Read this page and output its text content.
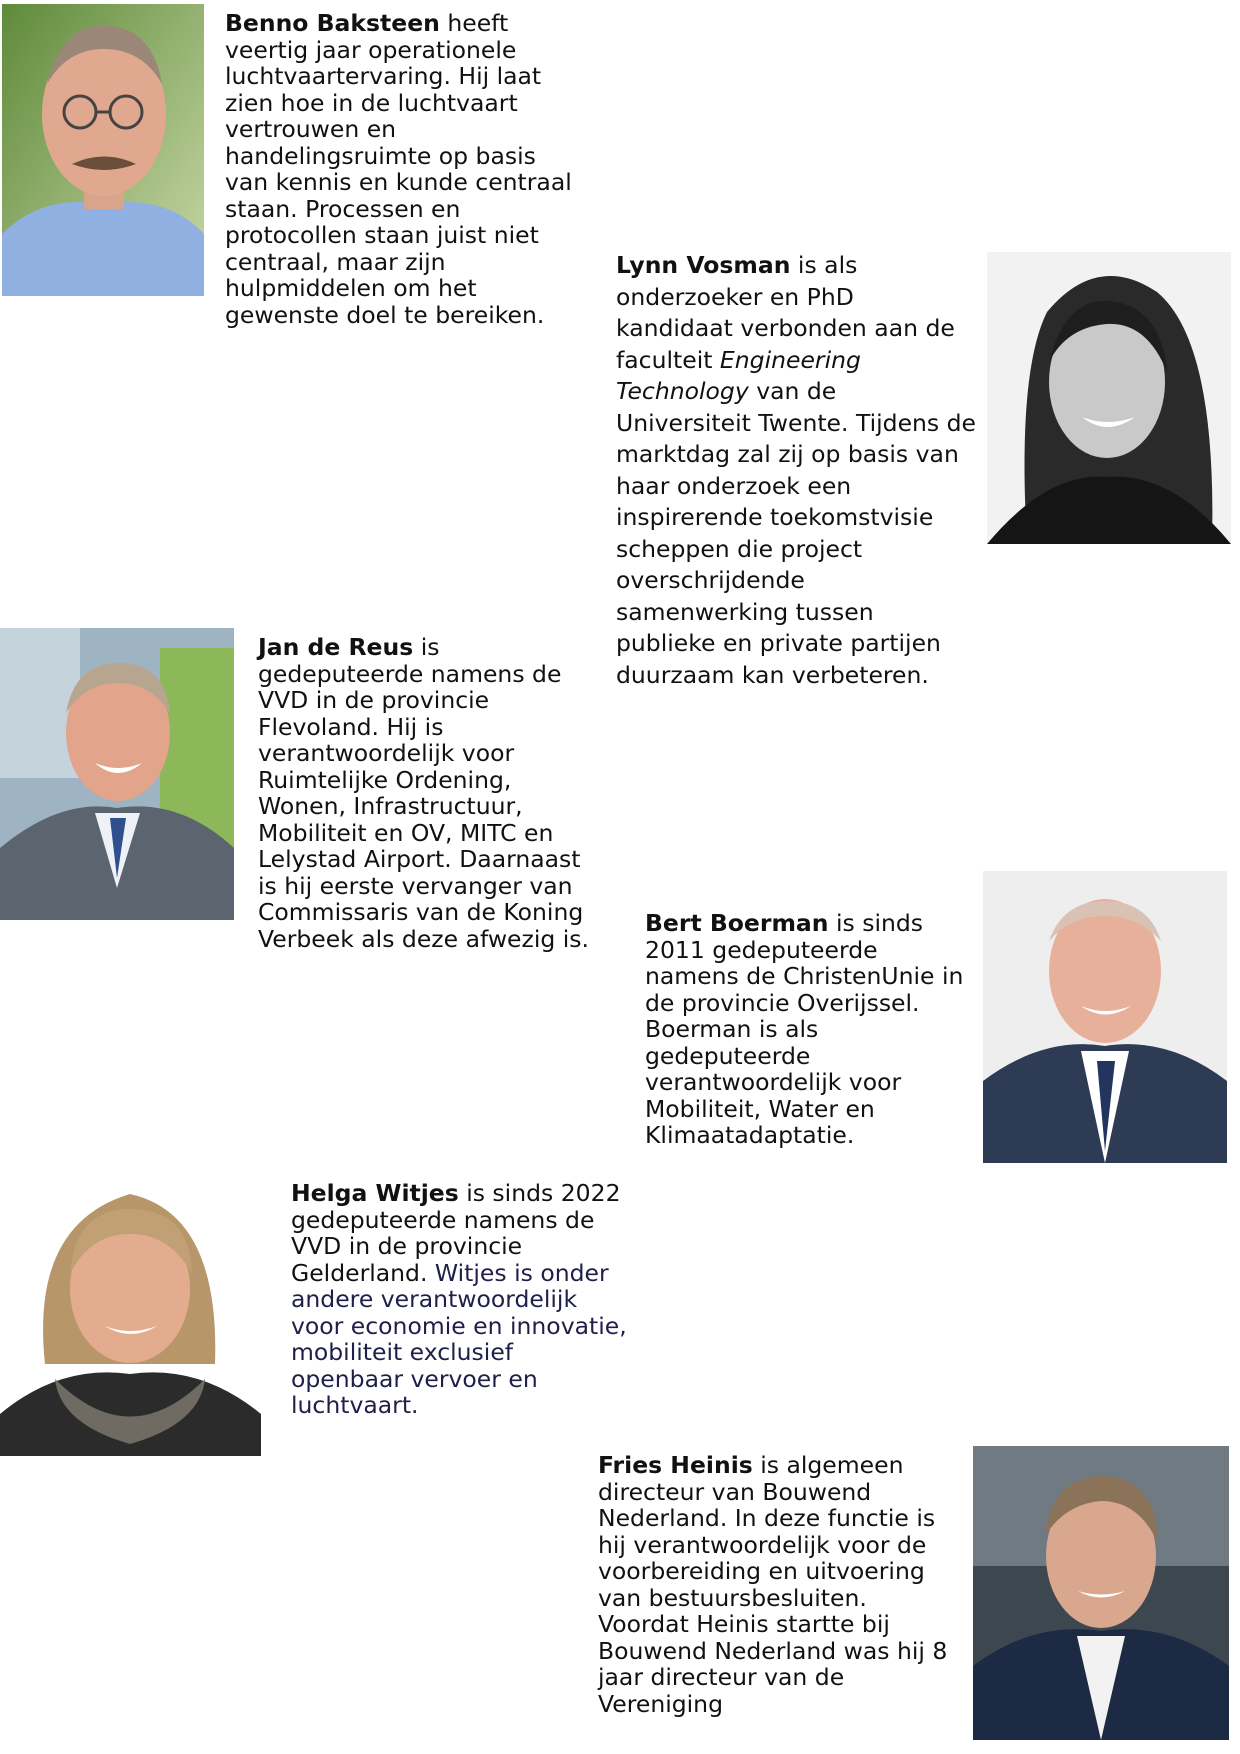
Benno Baksteen heeft veertig jaar operationele luchtvaartervaring. Hij laat zien hoe in de luchtvaart vertrouwen en handelingsruimte op basis van kennis en kunde centraal staan. Processen en protocollen staan juist niet centraal, maar zijn hulpmiddelen om het gewenste doel te bereiken.

Lynn Vosman is als onderzoeker en PhD kandidaat verbonden aan de faculteit Engineering Technology van de Universiteit Twente. Tijdens de marktdag zal zij op basis van haar onderzoek een inspirerende toekomstvisie scheppen die project overschrijdende samenwerking tussen publieke en private partijen duurzaam kan verbeteren.

Jan de Reus is gedeputeerde namens de VVD in de provincie Flevoland. Hij is verantwoordelijk voor Ruimtelijke Ordening, Wonen, Infrastructuur, Mobiliteit en OV, MITC en Lelystad Airport. Daarnaast is hij eerste vervanger van Commissaris van de Koning Verbeek als deze afwezig is.

Bert Boerman is sinds 2011 gedeputeerde namens de ChristenUnie in de provincie Overijssel. Boerman is als gedeputeerde verantwoordelijk voor Mobiliteit, Water en Klimaatadaptatie.

Helga Witjes is sinds 2022 gedeputeerde namens de VVD in de provincie Gelderland. Witjes is onder andere verantwoordelijk voor economie en innovatie, mobiliteit exclusief openbaar vervoer en luchtvaart.

Fries Heinis is algemeen directeur van Bouwend Nederland. In deze functie is hij verantwoordelijk voor de voorbereiding en uitvoering van bestuursbesluiten. Voordat Heinis startte bij Bouwend Nederland was hij 8 jaar directeur van de Vereniging
